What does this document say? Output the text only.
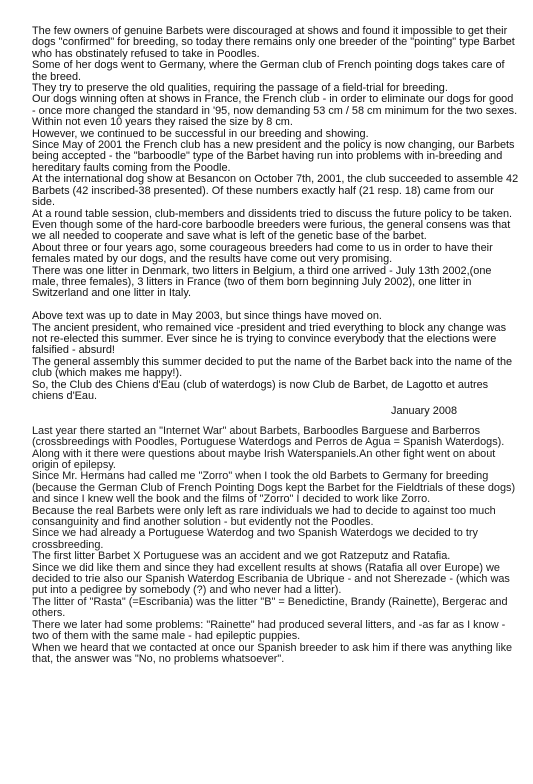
The few owners of genuine Barbets were discouraged at shows and found it impossible to get their dogs "confirmed" for breeding, so today there remains only one breeder of the "pointing" type Barbet who has obstinately refused to take in Poodles.

Some of her dogs went to Germany, where the German club of French pointing dogs takes care of the breed.

They try to preserve the old qualities, requiring the passage of a field-trial for breeding.

Our dogs winning often at shows in France, the French club - in order to eliminate our dogs for good - once more changed the standard in '95, now demanding 53 cm / 58 cm minimum for the two sexes. Within not even 10 years they raised the size by 8 cm.

However, we continued to be successful in our breeding and showing.

Since May of 2001 the French club has a new president and the policy is now changing, our Barbets being accepted - the "barboodle" type of the Barbet having run into problems with in-breeding and hereditary faults coming from the Poodle.

At the international dog show at Besancon on October 7th, 2001, the club succeeded to assemble 42 Barbets (42 inscribed-38 presented). Of these numbers exactly half (21 resp. 18) came from our side.

At a round table session, club-members and dissidents tried to discuss the future policy to be taken. Even though some of the hard-core barboodle breeders were furious, the general consens was that we all needed to cooperate and save what is left of the genetic base of the barbet.

About three or four years ago, some courageous breeders had come to us in order to have their females mated by our dogs, and the results have come out very promising.

There was one litter in Denmark, two litters in Belgium, a third one arrived - July 13th 2002,(one male, three females), 3 litters in France (two of them born beginning July 2002), one litter in Switzerland and one litter in Italy.

Above text was up to date in May 2003, but since things have moved on.

The ancient president, who remained vice -president and tried everything to block any change was not re-elected this summer. Ever since he is trying to convince everybody that the elections were falsified - absurd!

The general assembly this summer decided to put the name of the Barbet back into the name of the club (which makes me happy!).

So, the Club des Chiens d'Eau (club of waterdogs) is now Club de Barbet, de Lagotto et autres chiens d'Eau.

January 2008

Last year there started an "Internet War" about Barbets, Barboodles Barguese and Barberros (crossbreedings with Poodles, Portuguese Waterdogs and Perros de Agua = Spanish Waterdogs).

Along with it there were questions about maybe Irish Waterspaniels.An other fight went on about origin of epilepsy.

Since Mr. Hermans had called me "Zorro" when I took the old Barbets to Germany for breeding (because the German Club of French Pointing Dogs kept the Barbet for the Fieldtrials of these dogs) and since I knew well the book and the films of "Zorro" I decided to work like Zorro.

Because the real Barbets were only left as rare individuals we had to decide to against too much consanguinity and find another solution - but evidently not the Poodles.

Since we had already a Portuguese Waterdog and two Spanish Waterdogs we decided to try crossbreeding.

The first litter Barbet X Portuguese was an accident and we got Ratzeputz and Ratafia.

Since we did like them and since they had excellent results at shows (Ratafia all over Europe) we decided to trie also our Spanish Waterdog Escribania de Ubrique - and not Sherezade - (which was put into a pedigree by somebody (?) and who never had a litter).

The litter of "Rasta" (=Escribania) was the litter "B" = Benedictine, Brandy (Rainette), Bergerac and others.

There we later had some problems: "Rainette" had produced several litters, and -as far as I know - two of them with the same male - had epileptic puppies.

When we heard that we contacted at once our Spanish breeder to ask him if there was anything like that, the answer was "No, no problems whatsoever".
